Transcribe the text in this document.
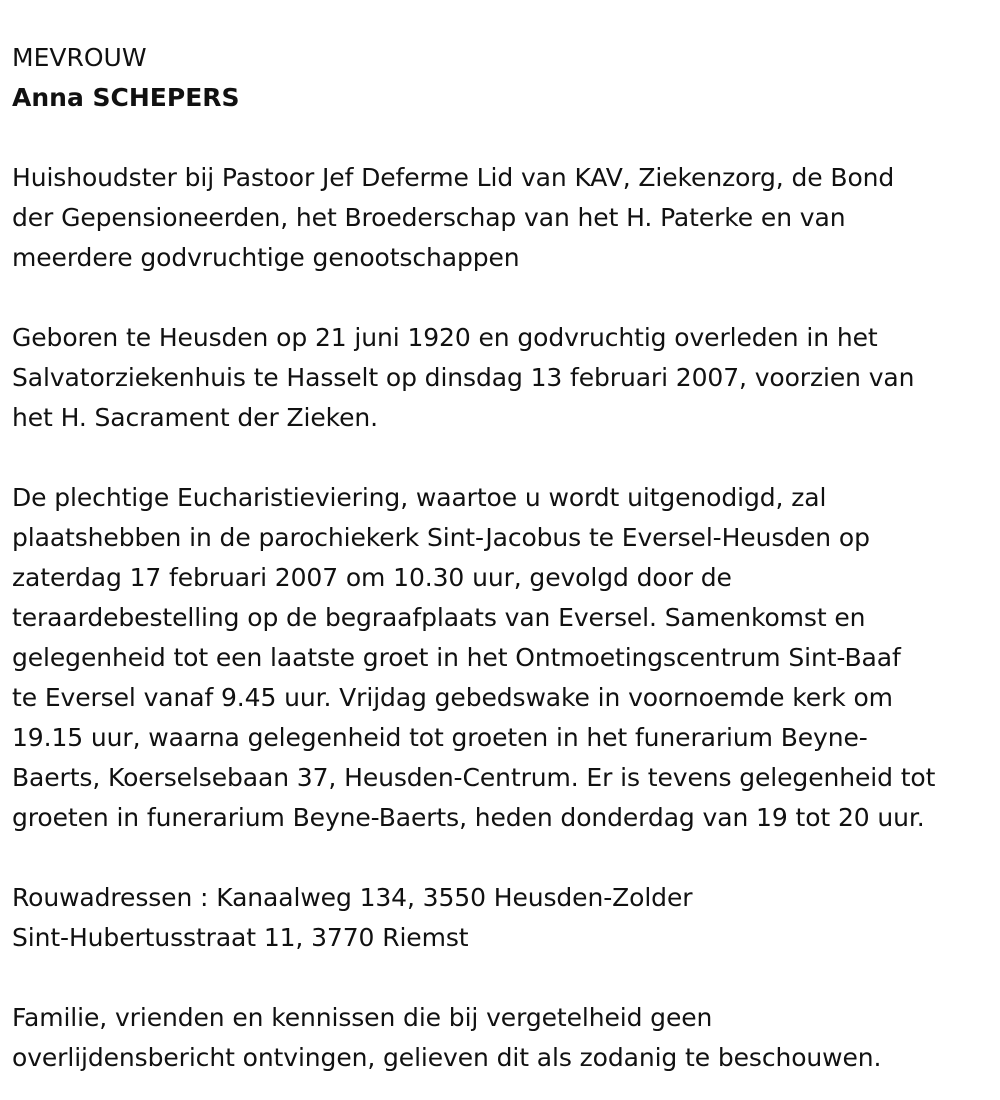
MEVROUW

Anna SCHEPERS

Huishoudster bij Pastoor Jef Deferme Lid van KAV, Ziekenzorg, de Bond

der Gepensioneerden, het Broederschap van het H. Paterke en van

meerdere godvruchtige genootschappen

Geboren te Heusden op 21 juni 1920 en godvruchtig overleden in het

Salvatorziekenhuis te Hasselt op dinsdag 13 februari 2007, voorzien van

het H. Sacrament der Zieken.

De plechtige Eucharistieviering, waartoe u wordt uitgenodigd, zal

plaatshebben in de parochiekerk Sint-Jacobus te Eversel-Heusden op

zaterdag 17 februari 2007 om 10.30 uur, gevolgd door de

teraardebestelling op de begraafplaats van Eversel. Samenkomst en

gelegenheid tot een laatste groet in het Ontmoetingscentrum Sint-Baaf

te Eversel vanaf 9.45 uur. Vrijdag gebedswake in voornoemde kerk om

19.15 uur, waarna gelegenheid tot groeten in het funerarium Beyne-

Baerts, Koerselsebaan 37, Heusden-Centrum. Er is tevens gelegenheid tot

groeten in funerarium Beyne-Baerts, heden donderdag van 19 tot 20 uur.

Rouwadressen : Kanaalweg 134, 3550 Heusden-Zolder

Sint-Hubertusstraat 11, 3770 Riemst

Familie, vrienden en kennissen die bij vergetelheid geen

overlijdensbericht ontvingen, gelieven dit als zodanig te beschouwen.
